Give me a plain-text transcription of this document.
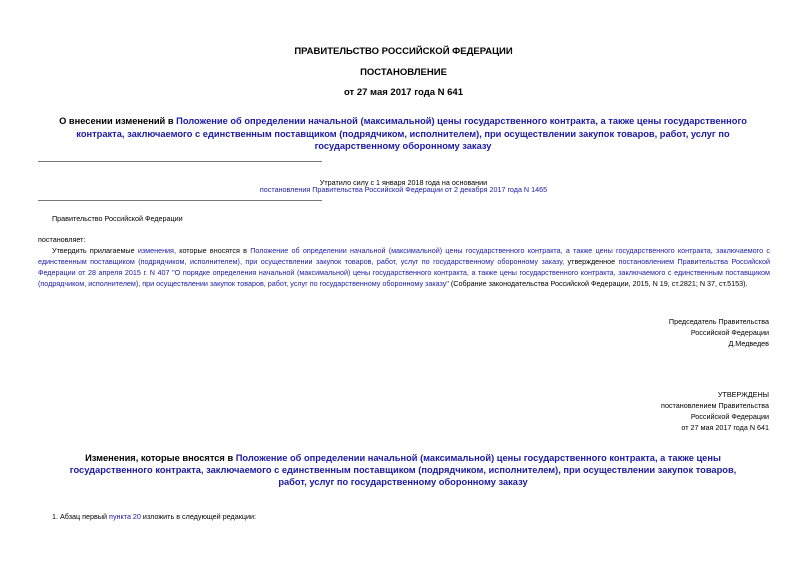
ПРАВИТЕЛЬСТВО РОССИЙСКОЙ ФЕДЕРАЦИИ
ПОСТАНОВЛЕНИЕ
от 27 мая 2017 года N 641
О внесении изменений в Положение об определении начальной (максимальной) цены государственного контракта, а также цены государственного контракта, заключаемого с единственным поставщиком (подрядчиком, исполнителем), при осуществлении закупок товаров, работ, услуг по государственному оборонному заказу
Утратило силу с 1 января 2018 года на основании
постановления Правительства Российской Федерации от 2 декабря 2017 года N 1465
Правительство Российской Федерации
постановляет:
Утвердить прилагаемые изменения, которые вносятся в Положение об определении начальной (максимальной) цены государственного контракта, а также цены государственного контракта, заключаемого с единственным поставщиком (подрядчиком, исполнителем), при осуществлении закупок товаров, работ, услуг по государственному оборонному заказу, утвержденное постановлением Правительства Российской Федерации от 28 апреля 2015 г. N 407 "О порядке определения начальной (максимальной) цены государственного контракта, а также цены государственного контракта, заключаемого с единственным поставщиком (подрядчиком, исполнителем), при осуществлении закупок товаров, работ, услуг по государственному оборонному заказу" (Собрание законодательства Российской Федерации, 2015, N 19, ст.2821; N 37, ст.5153).
Председатель Правительства
Российской Федерации
Д.Медведев
УТВЕРЖДЕНЫ
постановлением Правительства
Российской Федерации
от 27 мая 2017 года N 641
Изменения, которые вносятся в Положение об определении начальной (максимальной) цены государственного контракта, а также цены государственного контракта, заключаемого с единственным поставщиком (подрядчиком, исполнителем), при осуществлении закупок товаров, работ, услуг по государственному оборонному заказу
1. Абзац первый пункта 20 изложить в следующей редакции:
